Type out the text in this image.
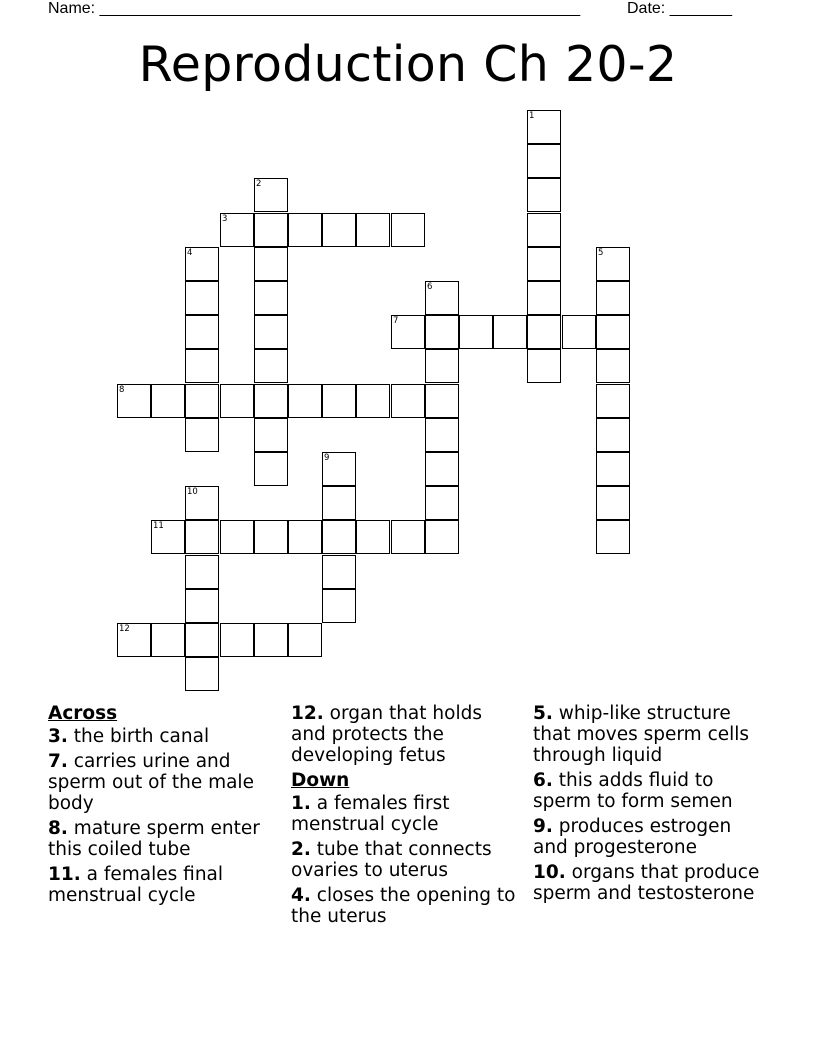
Name: ______________________________________________________	Date: _______
Reproduction Ch 20-2
1
2
3
4	5
6
7
8
9
10
11
12
Across
3. the birth canal
7. carries urine and sperm out of the male body
8. mature sperm enter this coiled tube
11. a females final menstrual cycle
12. organ that holds and protects the developing fetus
Down
1. a females first menstrual cycle
2. tube that connects ovaries to uterus
4. closes the opening to the uterus
5. whip-like structure that moves sperm cells through liquid
6. this adds fluid to sperm to form semen
9. produces estrogen and progesterone
10. organs that produce sperm and testosterone
